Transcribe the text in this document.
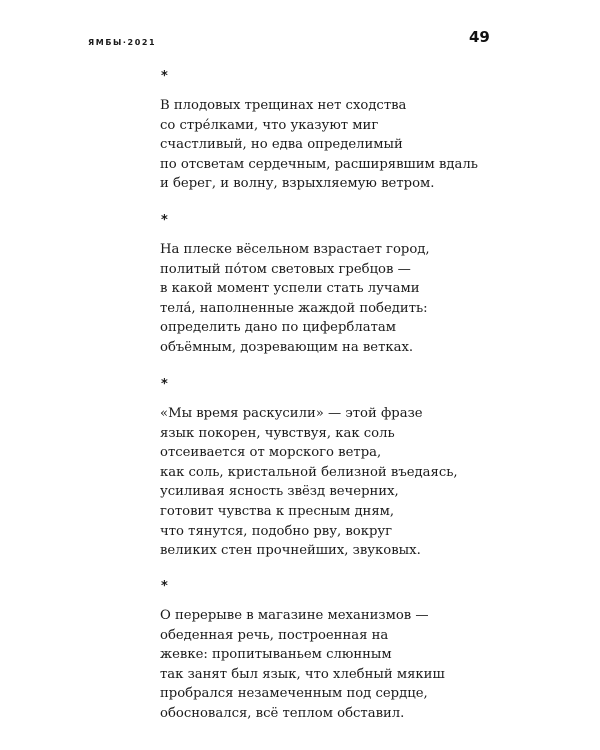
ЯМБЫ·2021	49
*
В плодовых трещинах нет сходства
со стре́лками, что указуют миг
счастливый, но едва определимый
по отсветам сердечным, расширявшим вдаль
и берег, и волну, взрыхляемую ветром.
*
На плеске вёсельном взрастает город,
политый по́том световых гребцов —
в какой момент успели стать лучами
тела́, наполненные жаждой победить:
определить дано по циферблатам
объёмным, дозревающим на ветках.
*
«Мы время раскусили» — этой фразе
язык покорен, чувствуя, как соль
отсеивается от морского ветра,
как соль, кристальной белизной въедаясь,
усиливая ясность звёзд вечерних,
готовит чувства к пресным дням,
что тянутся, подобно рву, вокруг
великих стен прочнейших, звуковых.
*
О перерыве в магазине механизмов —
обеденная речь, построенная на
жевке: пропитываньем слюнным
так занят был язык, что хлебный мякиш
пробрался незамеченным под сердце,
обосновался, всё теплом обставил.
